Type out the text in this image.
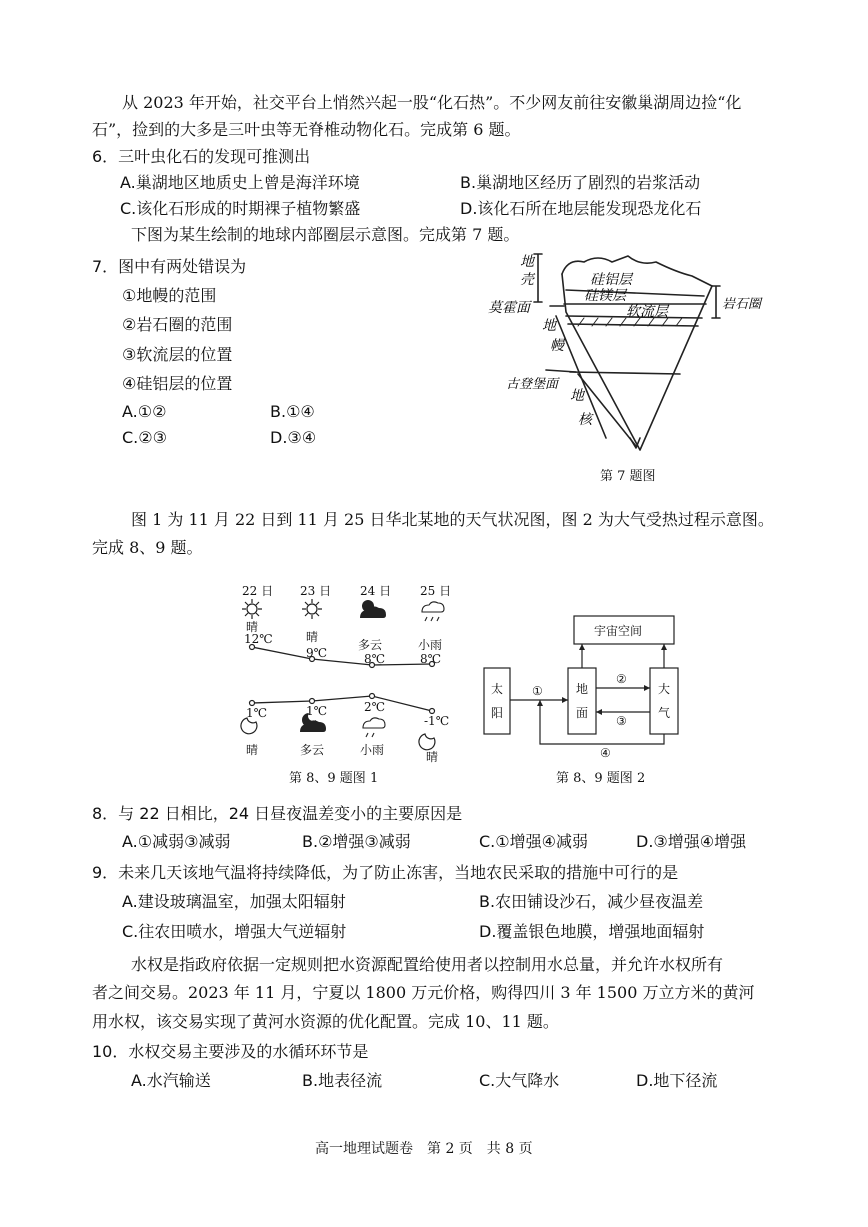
从 2023 年开始，社交平台上悄然兴起一股“化石热”。不少网友前往安徽巢湖周边捡“化
石”，捡到的大多是三叶虫等无脊椎动物化石。完成第 6 题。
6．三叶虫化石的发现可推测出
A.巢湖地区地质史上曾是海洋环境	B.巢湖地区经历了剧烈的岩浆活动
C.该化石形成的时期裸子植物繁盛	D.该化石所在地层能发现恐龙化石
下图为某生绘制的地球内部圈层示意图。完成第 7 题。
7．图中有两处错误为
①地幔的范围
②岩石圈的范围
③软流层的位置
④硅铝层的位置
A.①②	B.①④
C.②③	D.③④
地
壳
莫霍面
地
幔
古登堡面
地
核
硅铝层
硅镁层
软流层	岩石圈
第 7 题图
图 1 为 11 月 22 日到 11 月 25 日华北某地的天气状况图，图 2 为大气受热过程示意图。
完成 8、9 题。
22 日 23 日 24 日 25 日
晴
晴
多云	小雨
12℃
9℃	8℃	8℃
1℃	1℃	2℃
-1℃
晴	多云	小雨	晴
第 8、9 题图 1
宇宙空间
太
阳
地
面
大
气
①
②
③
④
第 8、9 题图 2
8．与 22 日相比，24 日昼夜温差变小的主要原因是
A.①减弱③减弱	B.②增强③减弱	C.①增强④减弱	D.③增强④增强
9．未来几天该地气温将持续降低，为了防止冻害，当地农民采取的措施中可行的是
A.建设玻璃温室，加强太阳辐射	B.农田铺设沙石，减少昼夜温差
C.往农田喷水，增强大气逆辐射	D.覆盖银色地膜，增强地面辐射
水权是指政府依据一定规则把水资源配置给使用者以控制用水总量，并允许水权所有
者之间交易。2023 年 11 月，宁夏以 1800 万元价格，购得四川 3 年 1500 万立方米的黄河
用水权，该交易实现了黄河水资源的优化配置。完成 10、11 题。
10．水权交易主要涉及的水循环环节是
A.水汽输送	B.地表径流	C.大气降水	D.地下径流
高一地理试题卷　第 2 页　共 8 页
